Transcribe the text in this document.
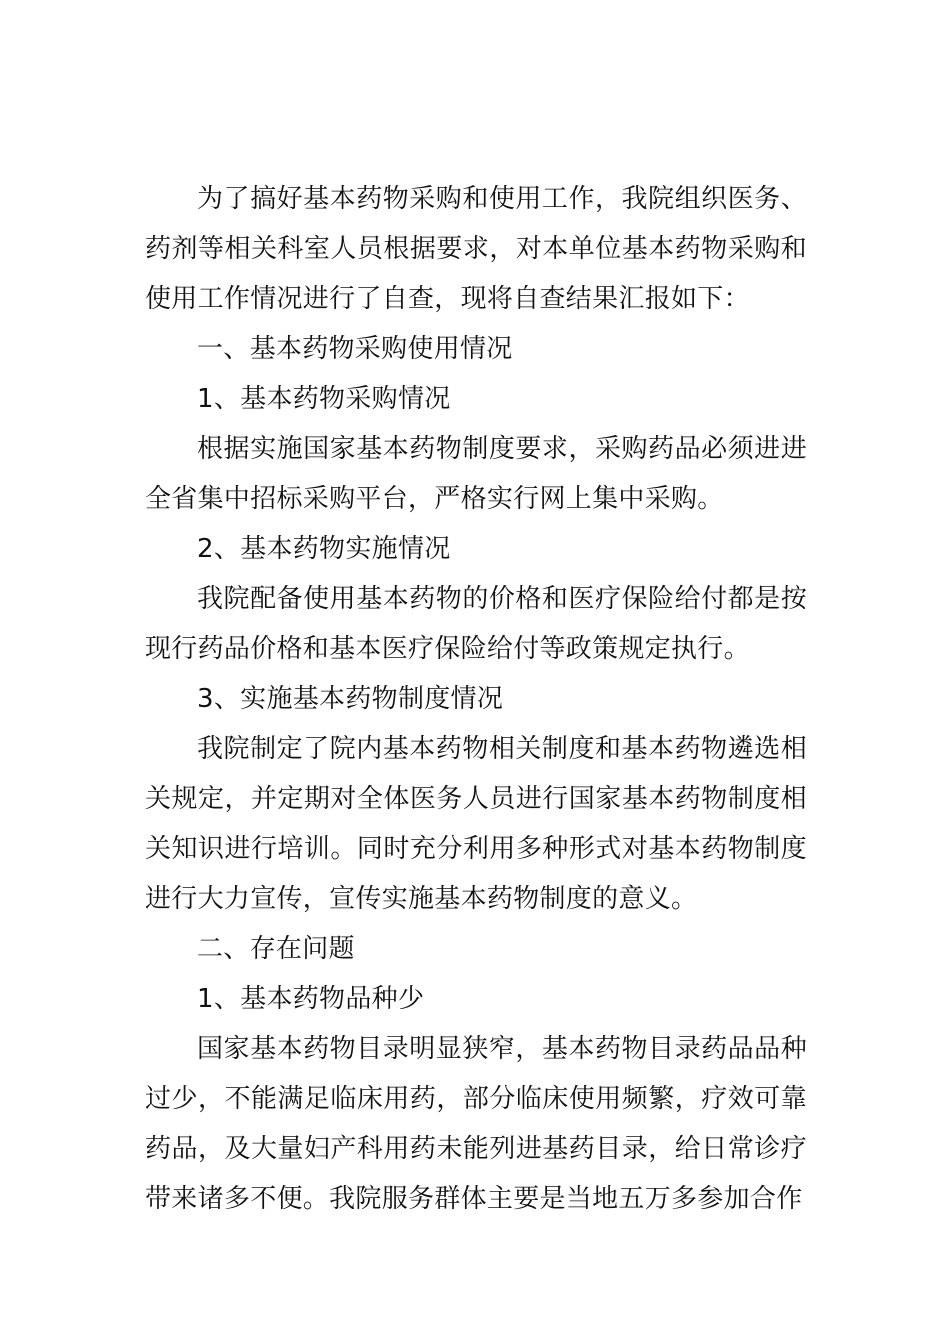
为了搞好基本药物采购和使用工作，我院组织医务、药剂等相关科室人员根据要求，对本单位基本药物采购和使用工作情况进行了自查，现将自查结果汇报如下：

一、基本药物采购使用情况

1、基本药物采购情况

根据实施国家基本药物制度要求，采购药品必须进进全省集中招标采购平台，严格实行网上集中采购。

2、基本药物实施情况

我院配备使用基本药物的价格和医疗保险给付都是按现行药品价格和基本医疗保险给付等政策规定执行。

3、实施基本药物制度情况

我院制定了院内基本药物相关制度和基本药物遴选相关规定，并定期对全体医务人员进行国家基本药物制度相关知识进行培训。同时充分利用多种形式对基本药物制度进行大力宣传，宣传实施基本药物制度的意义。

二、存在问题

1、基本药物品种少

国家基本药物目录明显狭窄，基本药物目录药品品种过少，不能满足临床用药，部分临床使用频繁，疗效可靠药品，及大量妇产科用药未能列进基药目录，给日常诊疗带来诸多不便。我院服务群体主要是当地五万多参加合作
